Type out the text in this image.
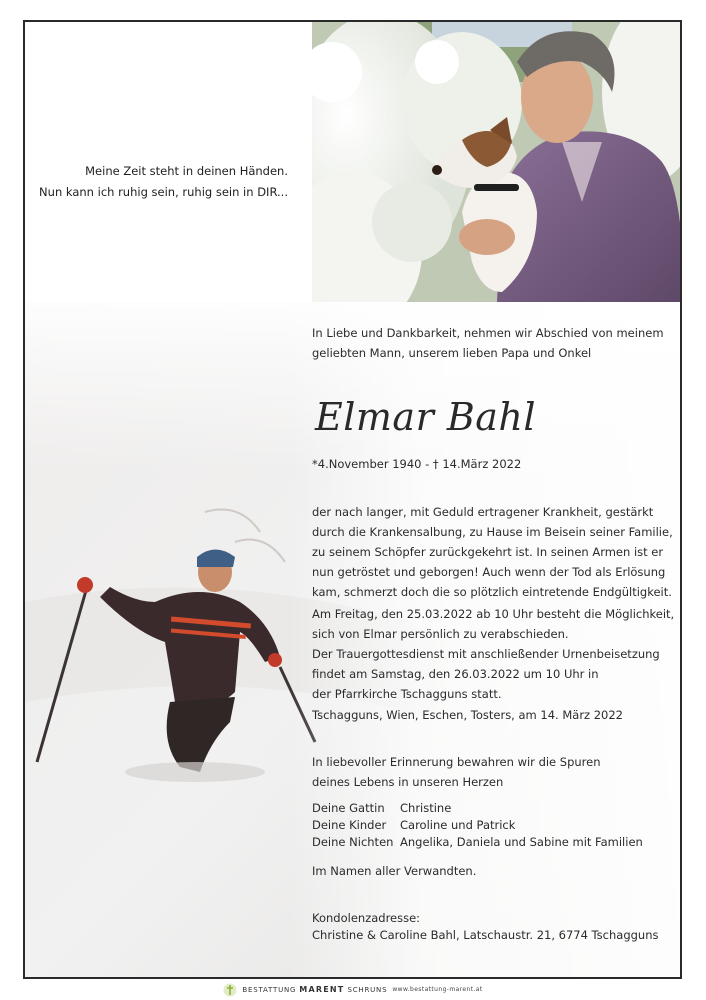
Meine Zeit steht in deinen Händen.
Nun kann ich ruhig sein, ruhig sein in DIR...
In Liebe und Dankbarkeit, nehmen wir Abschied von meinem
geliebten Mann, unserem lieben Papa und Onkel
Elmar Bahl
*4.November 1940 - † 14.März 2022
der nach langer, mit Geduld ertragener Krankheit, gestärkt
durch die Krankensalbung, zu Hause im Beisein seiner Familie,
zu seinem Schöpfer zurückgekehrt ist. In seinen Armen ist er
nun getröstet und geborgen! Auch wenn der Tod als Erlösung
kam, schmerzt doch die so plötzlich eintretende Endgültigkeit.
Am Freitag, den 25.03.2022 ab 10 Uhr besteht die Möglichkeit,
sich von Elmar persönlich zu verabschieden.
Der Trauergottesdienst mit anschließender Urnenbeisetzung
findet am Samstag, den 26.03.2022 um 10 Uhr in
der Pfarrkirche Tschagguns statt.
Tschagguns, Wien, Eschen, Tosters, am 14. März 2022
In liebevoller Erinnerung bewahren wir die Spuren
deines Lebens in unseren Herzen
Deine Gattin	Christine
Deine Kinder	Caroline und Patrick
Deine Nichten Angelika, Daniela und Sabine mit Familien
Im Namen aller Verwandten.
Kondolenzadresse:
Christine & Caroline Bahl, Latschaustr. 21, 6774 Tschagguns
BESTATTUNG MARENT SCHRUNS www.bestattung-marent.at
